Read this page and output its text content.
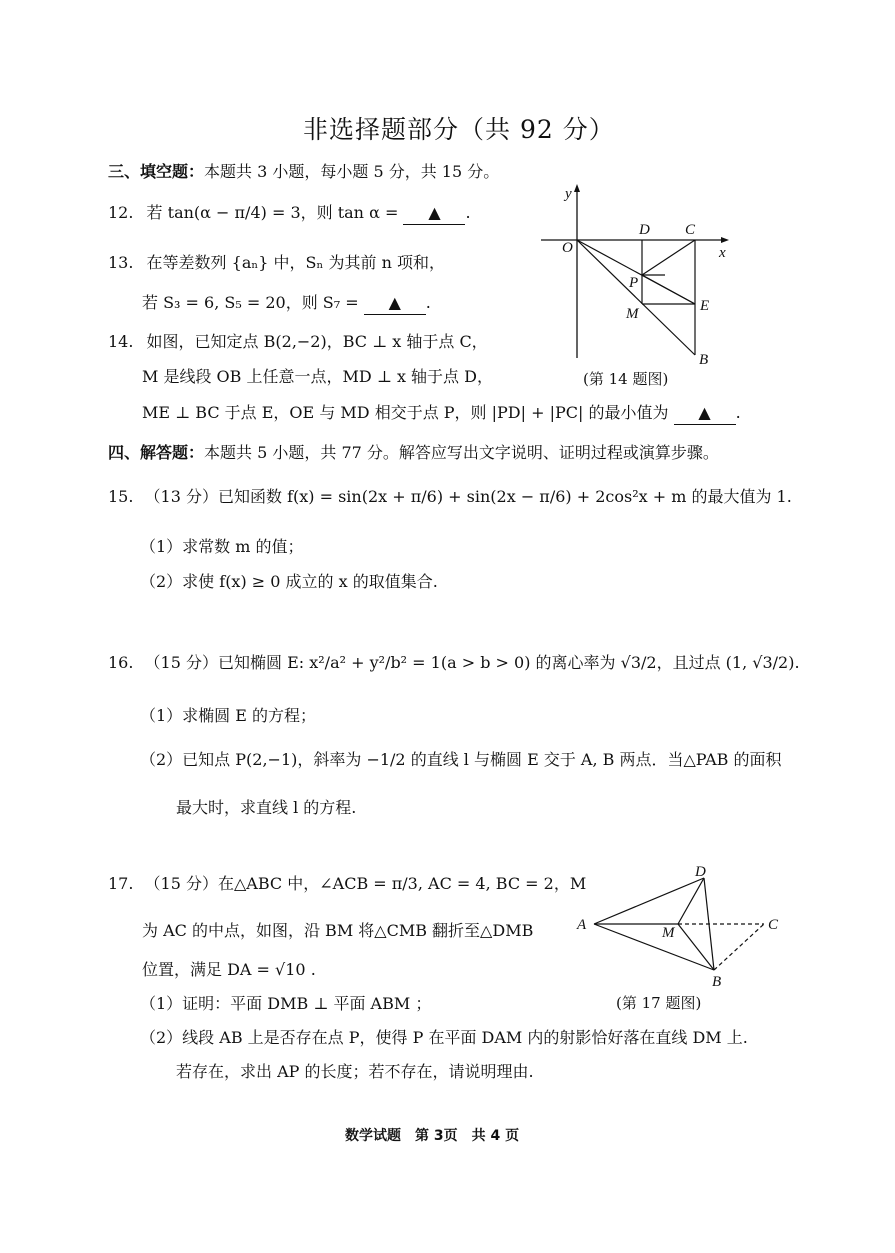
非选择题部分（共 92 分）
三、填空题：本题共 3 小题，每小题 5 分，共 15 分。
12. 若 tan(α − π/4) = 3，则 tan α = ▲ .
13. 在等差数列 {aₙ} 中，Sₙ 为其前 n 项和，
若 S₃ = 6, S₅ = 20，则 S₇ = ▲ .
14. 如图，已知定点 B(2,−2)，BC ⊥ x 轴于点 C，
M 是线段 OB 上任意一点，MD ⊥ x 轴于点 D，
ME ⊥ BC 于点 E，OE 与 MD 相交于点 P，则 |PD| + |PC| 的最小值为 ▲ .
y
x
O
D C
P
M	E
B
(第 14 题图)
四、解答题：本题共 5 小题，共 77 分。解答应写出文字说明、证明过程或演算步骤。
15. （13 分）已知函数 f(x) = sin(2x + π/6) + sin(2x − π/6) + 2cos²x + m 的最大值为 1.
（1）求常数 m 的值；
（2）求使 f(x) ≥ 0 成立的 x 的取值集合.
16. （15 分）已知椭圆 E: x²/a² + y²/b² = 1(a > b > 0) 的离心率为 √3/2，且过点 (1, √3/2).
（1）求椭圆 E 的方程；
（2）已知点 P(2,−1)，斜率为 −1/2 的直线 l 与椭圆 E 交于 A, B 两点．当△PAB 的面积
最大时，求直线 l 的方程.
17. （15 分）在△ABC 中，∠ACB = π/3, AC = 4, BC = 2，M
为 AC 的中点，如图，沿 BM 将△CMB 翻折至△DMB
位置，满足 DA = √10 .
（1）证明：平面 DMB ⊥ 平面 ABM ；
（2）线段 AB 上是否存在点 P，使得 P 在平面 DAM 内的射影恰好落在直线 DM 上.
若存在，求出 AP 的长度；若不存在，请说明理由.
D
A	M	C
B
(第 17 题图)
数学试题　第 3页　共 4 页
